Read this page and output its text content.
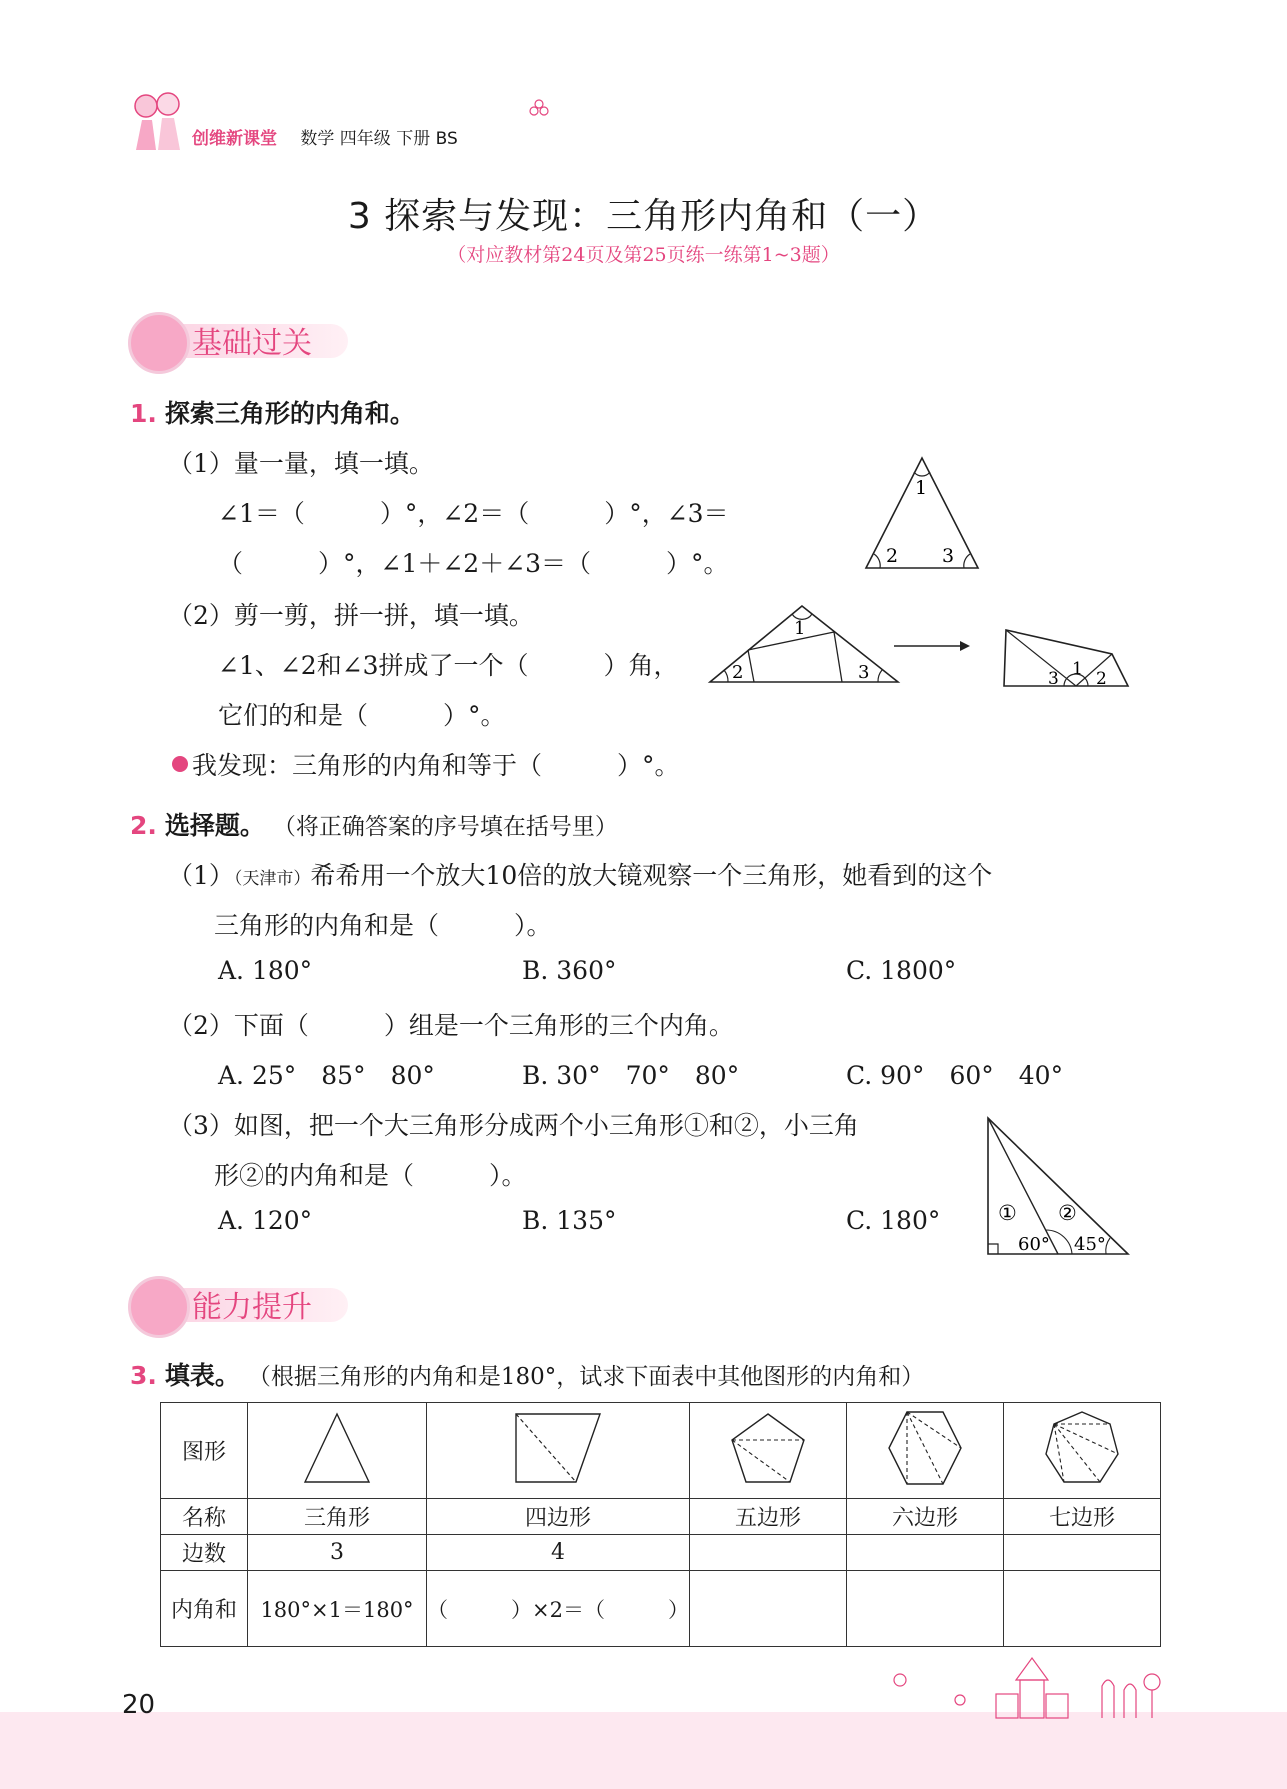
创维新课堂 数学 四年级 下册 BS
3 探索与发现：三角形内角和（一）
（对应教材第24页及第25页练一练第1~3题）
基础过关
1. 探索三角形的内角和。
（1）量一量，填一填。
∠1＝（　　　）°，∠2＝（　　　）°，∠3＝
（　　　）°，∠1＋∠2＋∠3＝（　　　）°。
1
2 3
（2）剪一剪，拼一拼，填一填。
∠1、∠2和∠3拼成了一个（　　　）角，
它们的和是（　　　）°。
1
2	3	3 1 2
我发现：三角形的内角和等于（　　　）°。
2. 选择题。 （将正确答案的序号填在括号里）
（1）（天津市）希希用一个放大10倍的放大镜观察一个三角形，她看到的这个
三角形的内角和是（　　　）。
A. 180°	B. 360°	C. 1800°
（2）下面（　　　）组是一个三角形的三个内角。
A. 25°　85°　80°	B. 30°　70°　80°	C. 90°　60°　40°
（3）如图，把一个大三角形分成两个小三角形①和②，小三角
形②的内角和是（　　　）。
A. 120°	B. 135°	C. 180°	① ②
60° 45°
能力提升
3. 填表。 （根据三角形的内角和是180°，试求下面表中其他图形的内角和）
图形					
名称	三角形	四边形	五边形	六边形	七边形
边数	3	4			
内角和	180°×1＝180°	（　　　）×2＝（　　　）			
20
